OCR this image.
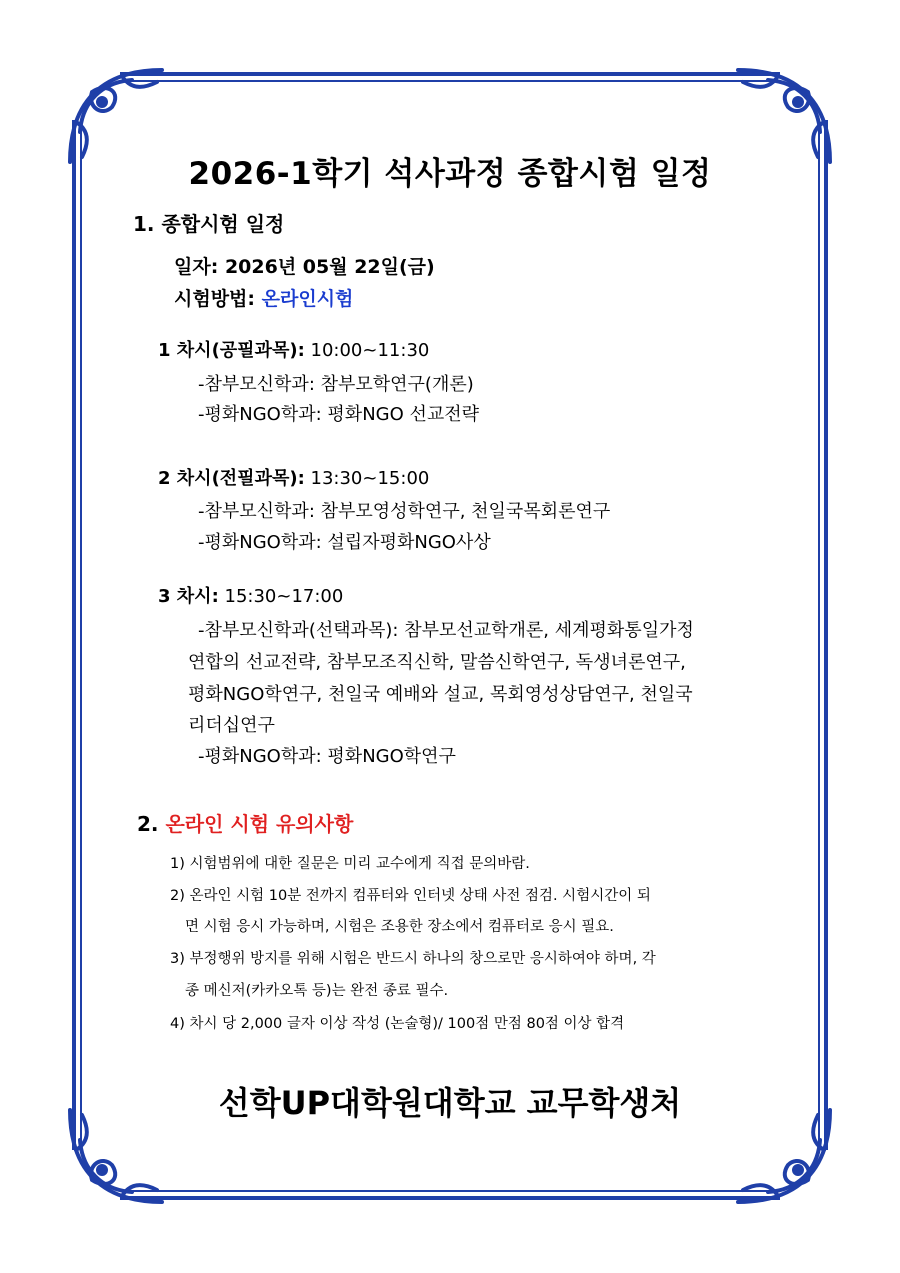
2026-1학기 석사과정 종합시험 일정
1. 종합시험 일정
일자: 2026년 05월 22일(금)
시험방법: 온라인시험
1 차시(공필과목): 10:00~11:30
-참부모신학과: 참부모학연구(개론)
-평화NGO학과: 평화NGO 선교전략
2 차시(전필과목): 13:30~15:00
-참부모신학과: 참부모영성학연구, 천일국목회론연구
-평화NGO학과: 설립자평화NGO사상
3 차시: 15:30~17:00
-참부모신학과(선택과목): 참부모선교학개론, 세계평화통일가정
연합의 선교전략, 참부모조직신학, 말씀신학연구, 독생녀론연구,
평화NGO학연구, 천일국 예배와 설교, 목회영성상담연구, 천일국
리더십연구
-평화NGO학과: 평화NGO학연구
2. 온라인 시험 유의사항
1) 시험범위에 대한 질문은 미리 교수에게 직접 문의바람.
2) 온라인 시험 10분 전까지 컴퓨터와 인터넷 상태 사전 점검. 시험시간이 되
면 시험 응시 가능하며, 시험은 조용한 장소에서 컴퓨터로 응시 필요.
3) 부정행위 방지를 위해 시험은 반드시 하나의 창으로만 응시하여야 하며, 각
종 메신저(카카오톡 등)는 완전 종료 필수.
4) 차시 당 2,000 글자 이상 작성 (논술형)/ 100점 만점 80점 이상 합격
선학UP대학원대학교 교무학생처
